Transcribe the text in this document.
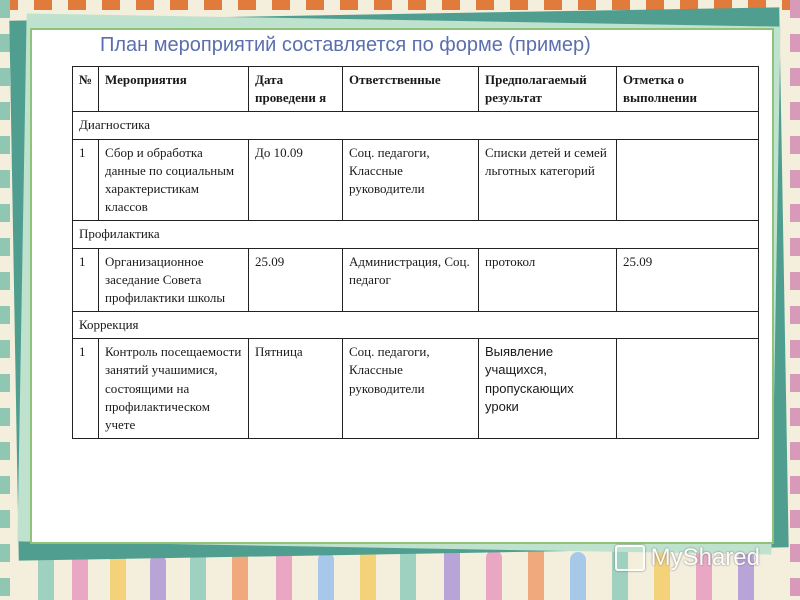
План мероприятий составляется по форме (пример)
№	Мероприятия	Дата проведени я	Ответственные	Предполагаемый результат	Отметка о выполнении
Диагностика					
1	Сбор и обработка данные по социальным характеристикам классов	До 10.09	Соц. педагоги, Классные руководители	Списки детей и семей льготных категорий	
Профилактика					
1	Организационное заседание Совета профилактики школы	25.09	Администрация, Соц. педагог	протокол	25.09
Коррекция					
1	Контроль посещаемости занятий учашимися, состоящими на профилактическом учете	Пятница	Соц. педагоги, Классные руководители	Выявление учащихся, пропускающих уроки	
MyShared
